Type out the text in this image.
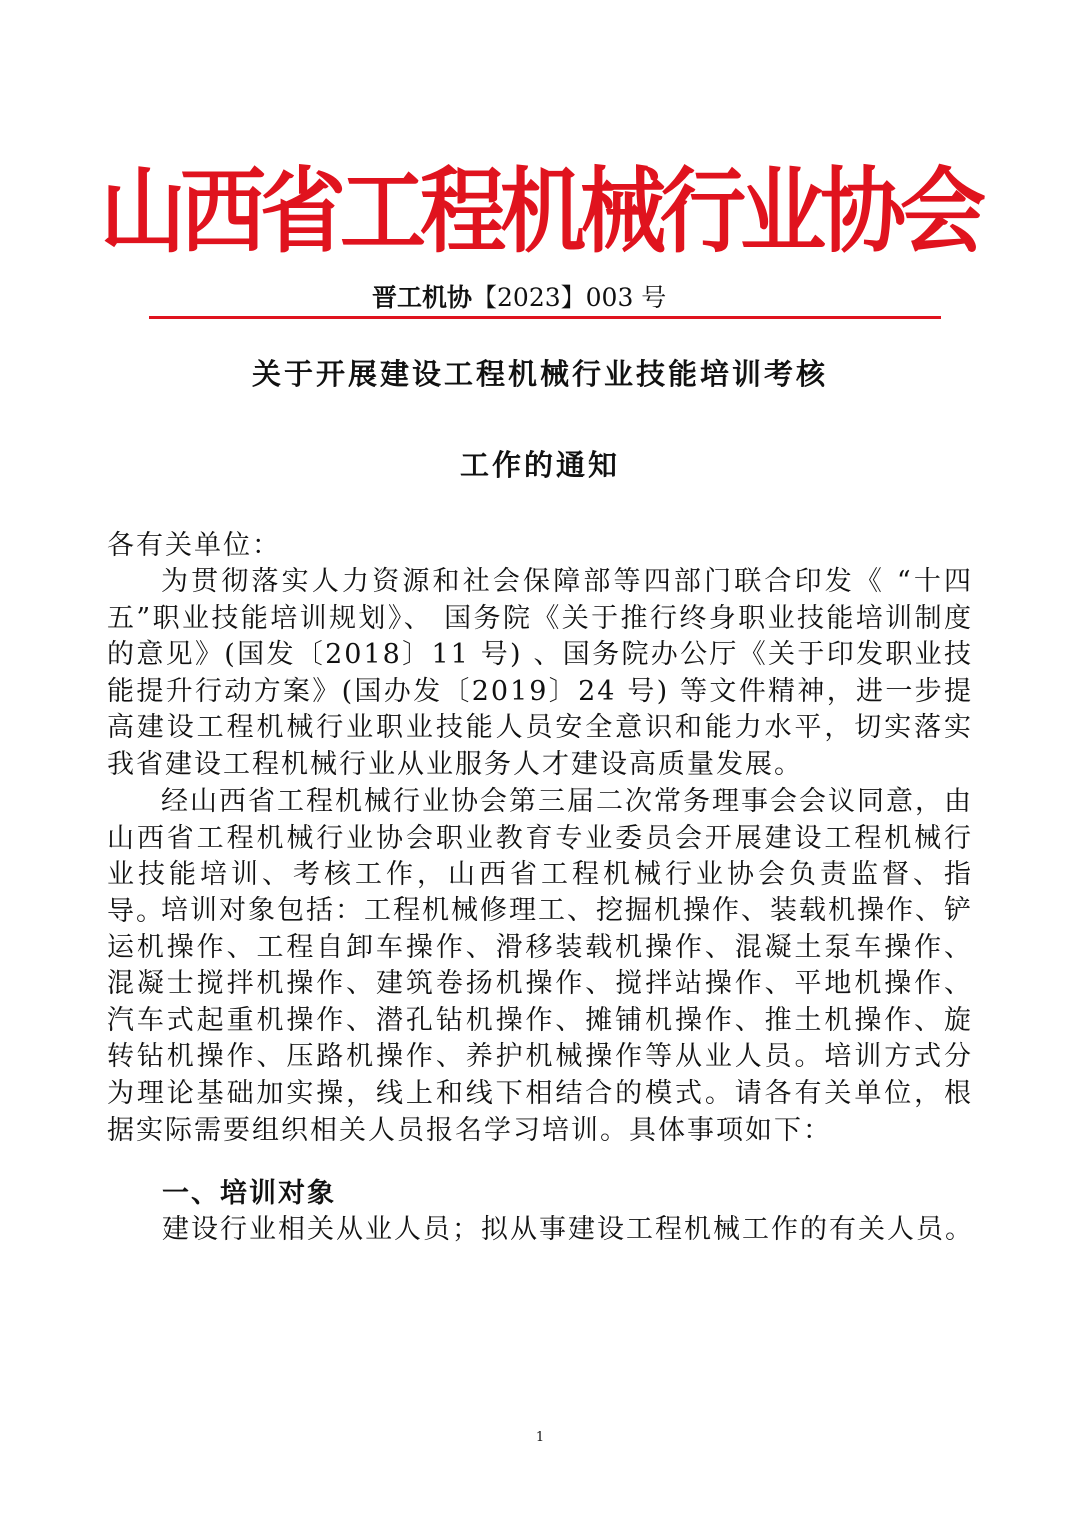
山西省工程机械行业协会
晋工机协【2023】003 号
关于开展建设工程机械行业技能培训考核
工作的通知
各有关单位：

为贯彻落实人力资源和社会保障部等四部门联合印发《 “十四五”职业技能培训规划》、 国务院《关于推行终身职业技能培训制度的意见》(国发〔2018〕11 号) 、国务院办公厅《关于印发职业技能提升行动方案》(国办发〔2019〕24 号) 等文件精神，进一步提高建设工程机械行业职业技能人员安全意识和能力水平，切实落实我省建设工程机械行业从业服务人才建设高质量发展。

经山西省工程机械行业协会第三届二次常务理事会会议同意，由山西省工程机械行业协会职业教育专业委员会开展建设工程机械行业技能培训、考核工作，山西省工程机械行业协会负责监督、指导。

培训对象包括：工程机械修理工、挖掘机操作、装载机操作、铲运机操作、工程自卸车操作、滑移装载机操作、混凝土泵车操作、混凝士搅拌机操作、建筑卷扬机操作、搅拌站操作、平地机操作、汽车式起重机操作、潜孔钻机操作、摊铺机操作、推土机操作、旋转钻机操作、压路机操作、养护机械操作等从业人员。培训方式分为理论基础加实操，线上和线下相结合的模式。请各有关单位，根据实际需要组织相关人员报名学习培训。具体事项如下：

一、培训对象
建设行业相关从业人员；拟从事建设工程机械工作的有关人员。
1
